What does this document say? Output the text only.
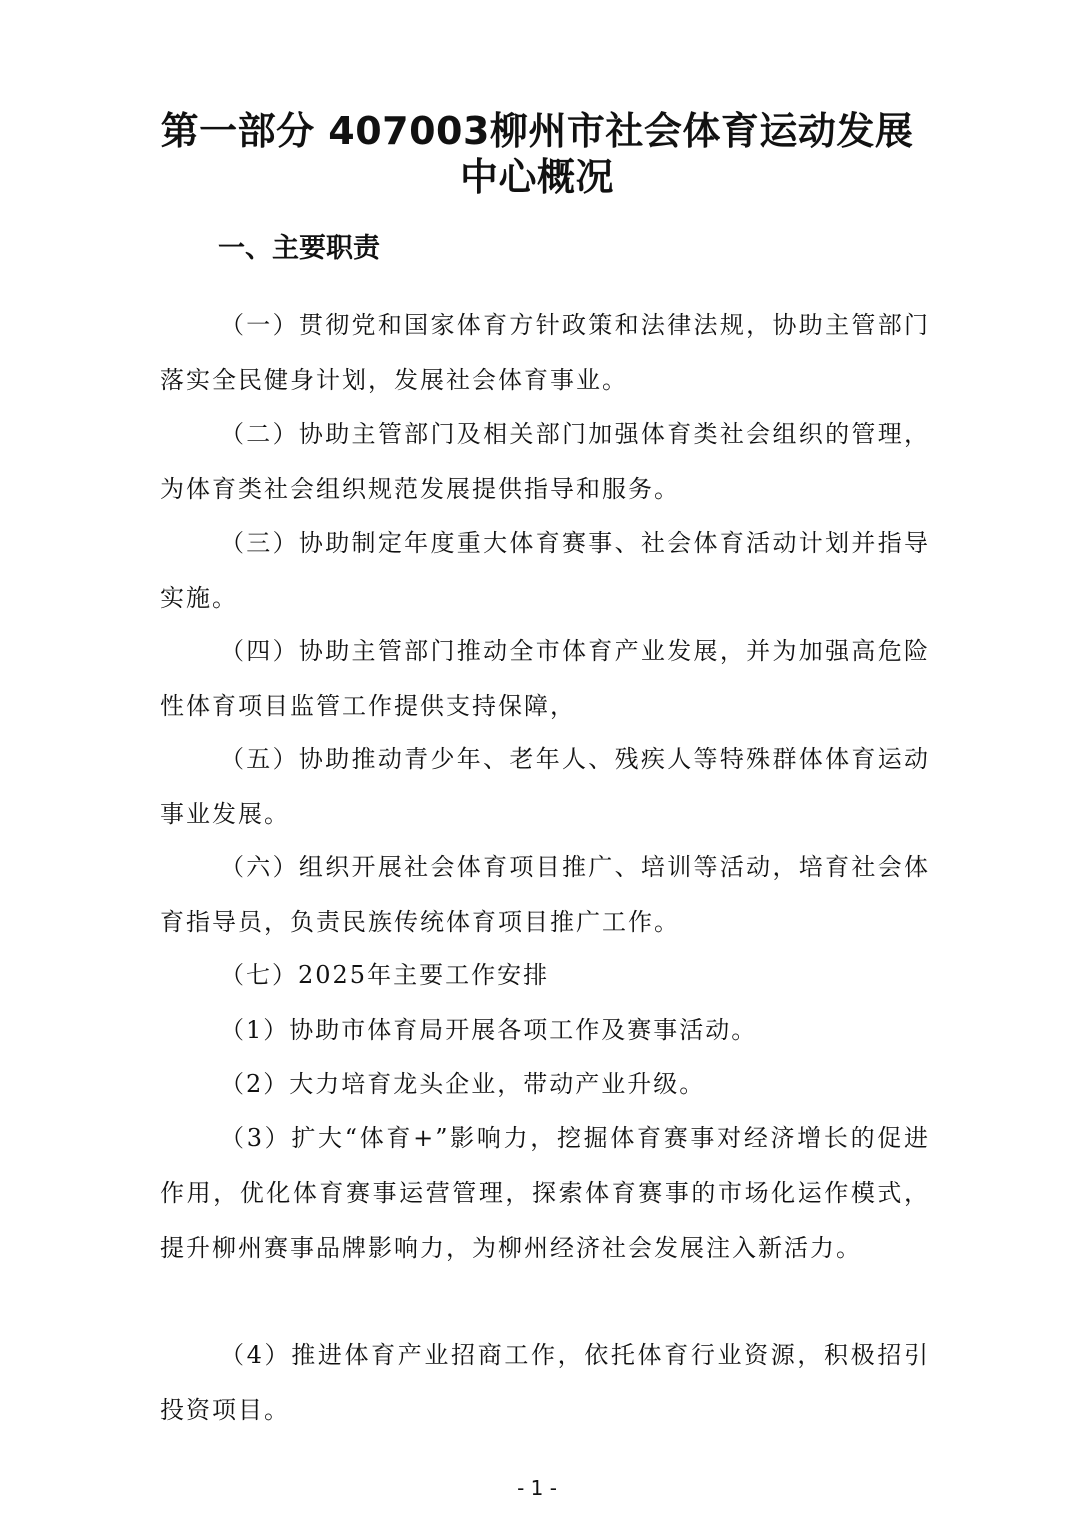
第一部分 407003柳州市社会体育运动发展
中心概况
一、主要职责

（一）贯彻党和国家体育方针政策和法律法规，协助主管部门落实全民健身计划，发展社会体育事业。

（二）协助主管部门及相关部门加强体育类社会组织的管理，为体育类社会组织规范发展提供指导和服务。

（三）协助制定年度重大体育赛事、社会体育活动计划并指导实施。

（四）协助主管部门推动全市体育产业发展，并为加强高危险性体育项目监管工作提供支持保障，

（五）协助推动青少年、老年人、残疾人等特殊群体体育运动事业发展。

（六）组织开展社会体育项目推广、培训等活动，培育社会体育指导员，负责民族传统体育项目推广工作。

（七）2025年主要工作安排

（1）协助市体育局开展各项工作及赛事活动。

（2）大力培育龙头企业，带动产业升级。

（3）扩大“体育+”影响力，挖掘体育赛事对经济增长的促进作用，优化体育赛事运营管理，探索体育赛事的市场化运作模式，提升柳州赛事品牌影响力，为柳州经济社会发展注入新活力。

（4）推进体育产业招商工作，依托体育行业资源，积极招引投资项目。

- 1 -
